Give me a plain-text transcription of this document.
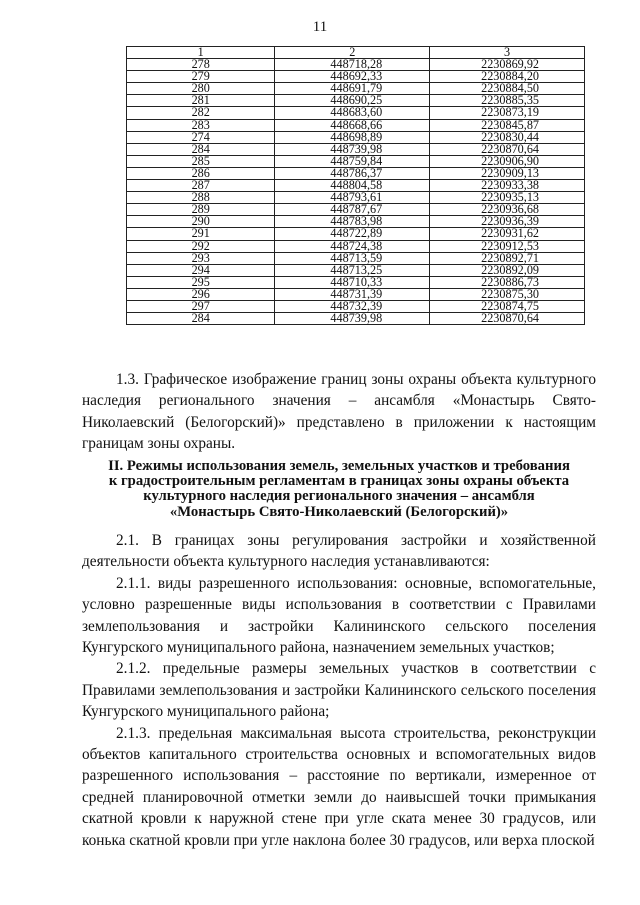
11
1	2	3
278	448718,28	2230869,92
279	448692,33	2230884,20
280	448691,79	2230884,50
281	448690,25	2230885,35
282	448683,60	2230873,19
283	448668,66	2230845,87
274	448698,89	2230830,44
284	448739,98	2230870,64
285	448759,84	2230906,90
286	448786,37	2230909,13
287	448804,58	2230933,38
288	448793,61	2230935,13
289	448787,67	2230936,68
290	448783,98	2230936,39
291	448722,89	2230931,62
292	448724,38	2230912,53
293	448713,59	2230892,71
294	448713,25	2230892,09
295	448710,33	2230886,73
296	448731,39	2230875,30
297	448732,39	2230874,75
284	448739,98	2230870,64

1.3. Графическое изображение границ зоны охраны объекта культурного наследия регионального значения – ансамбля «Монастырь Свято-Николаевский (Белогорский)» представлено в приложении к настоящим границам зоны охраны.

II. Режимы использования земель, земельных участков и требования
к градостроительным регламентам в границах зоны охраны объекта
культурного наследия регионального значения – ансамбля
«Монастырь Свято-Николаевский (Белогорский)»

2.1. В границах зоны регулирования застройки и хозяйственной деятельности объекта культурного наследия устанавливаются:

2.1.1. виды разрешенного использования: основные, вспомогательные, условно разрешенные виды использования в соответствии с Правилами землепользования и застройки Калининского сельского поселения Кунгурского муниципального района, назначением земельных участков;

2.1.2. предельные размеры земельных участков в соответствии с Правилами землепользования и застройки Калининского сельского поселения Кунгурского муниципального района;

2.1.3. предельная максимальная высота строительства, реконструкции объектов капитального строительства основных и вспомогательных видов разрешенного использования – расстояние по вертикали, измеренное от средней планировочной отметки земли до наивысшей точки примыкания скатной кровли к наружной стене при угле ската менее 30 градусов, или конька скатной кровли при угле наклона более 30 градусов, или верха плоской
